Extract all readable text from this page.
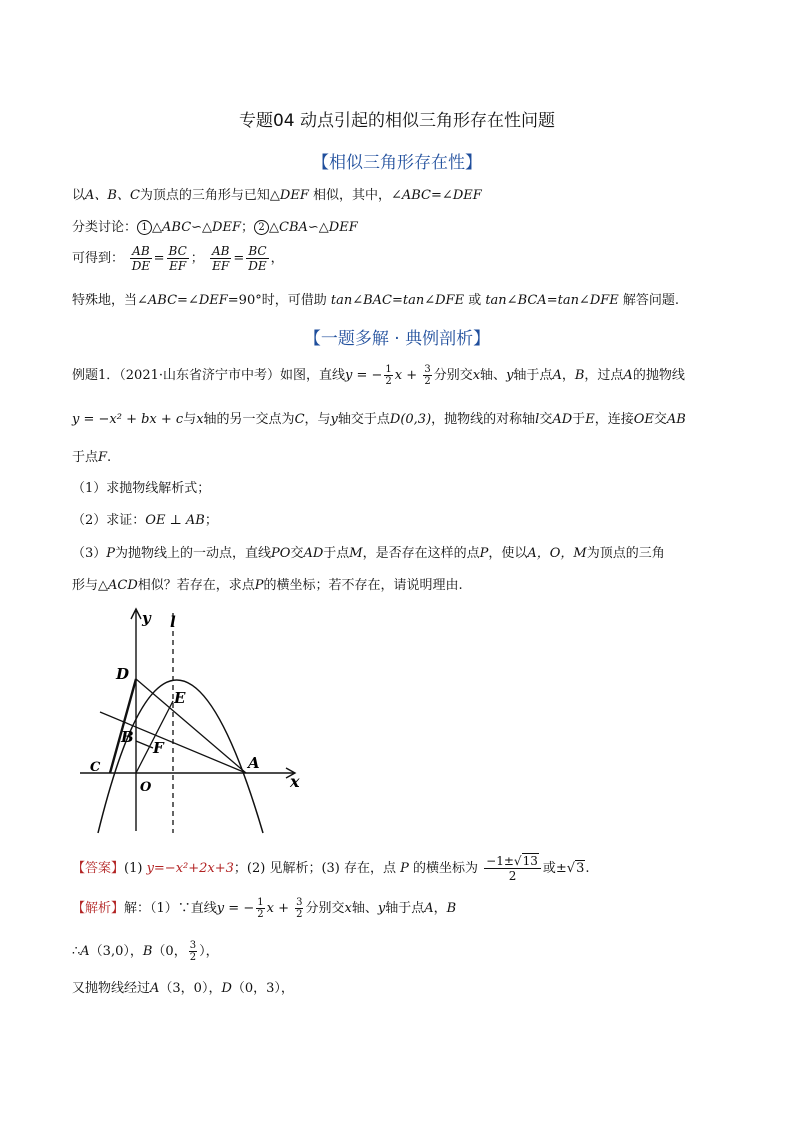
专题04 动点引起的相似三角形存在性问题
【相似三角形存在性】
以A、B、C为顶点的三角形与已知△DEF 相似，其中，∠ABC=∠DEF
分类讨论： 1 △ABC∽△DEF； 2 △CBA∽△DEF
可得到： $\frac{AB}{DE} = \frac{BC}{EF}$ ； $\frac{AB}{EF} = \frac{BC}{DE}$ ，
特殊地，当∠ABC=∠DEF=90°时，可借助 tan∠BAC=tan∠DFE 或 tan∠BCA=tan∠DFE 解答问题.
【一题多解 · 典例剖析】
例题1．（2021·山东省济宁市中考）如图，直线y = − $\frac{1}{2}$ $x + \frac{3}{2}$ 分别交x轴、y轴于点A，B，过点A的抛物线
y = −x² + bx + c与x轴的另一交点为C，与y轴交于点D(0,3)，抛物线的对称轴l交AD于E，连接OE交AB
于点F.
（1）求抛物线解析式；
（2）求证：OE ⊥ AB；
（3）P为抛物线上的一动点，直线PO交AD于点M，是否存在这样的点P，使以A，O，M为顶点的三角
形与△ACD相似？若存在，求点P的横坐标；若不存在，请说明理由.
y l
D
E
B
F
C
O
A
x
【答案】(1) y=−x²+2x+3；(2) 见解析；(3) 存在，点 P 的横坐标为 $\frac{-1\pm√13}{2}$ 或±√3.
【解析】解：（1）∵直线y = − $\frac{1}{2}$ $x + \frac{3}{2}$ 分别交x轴、y轴于点A，B
∴A（3,0），B（0， $\frac{3}{2}$ ），
又抛物线经过A（3，0），D（0，3），
